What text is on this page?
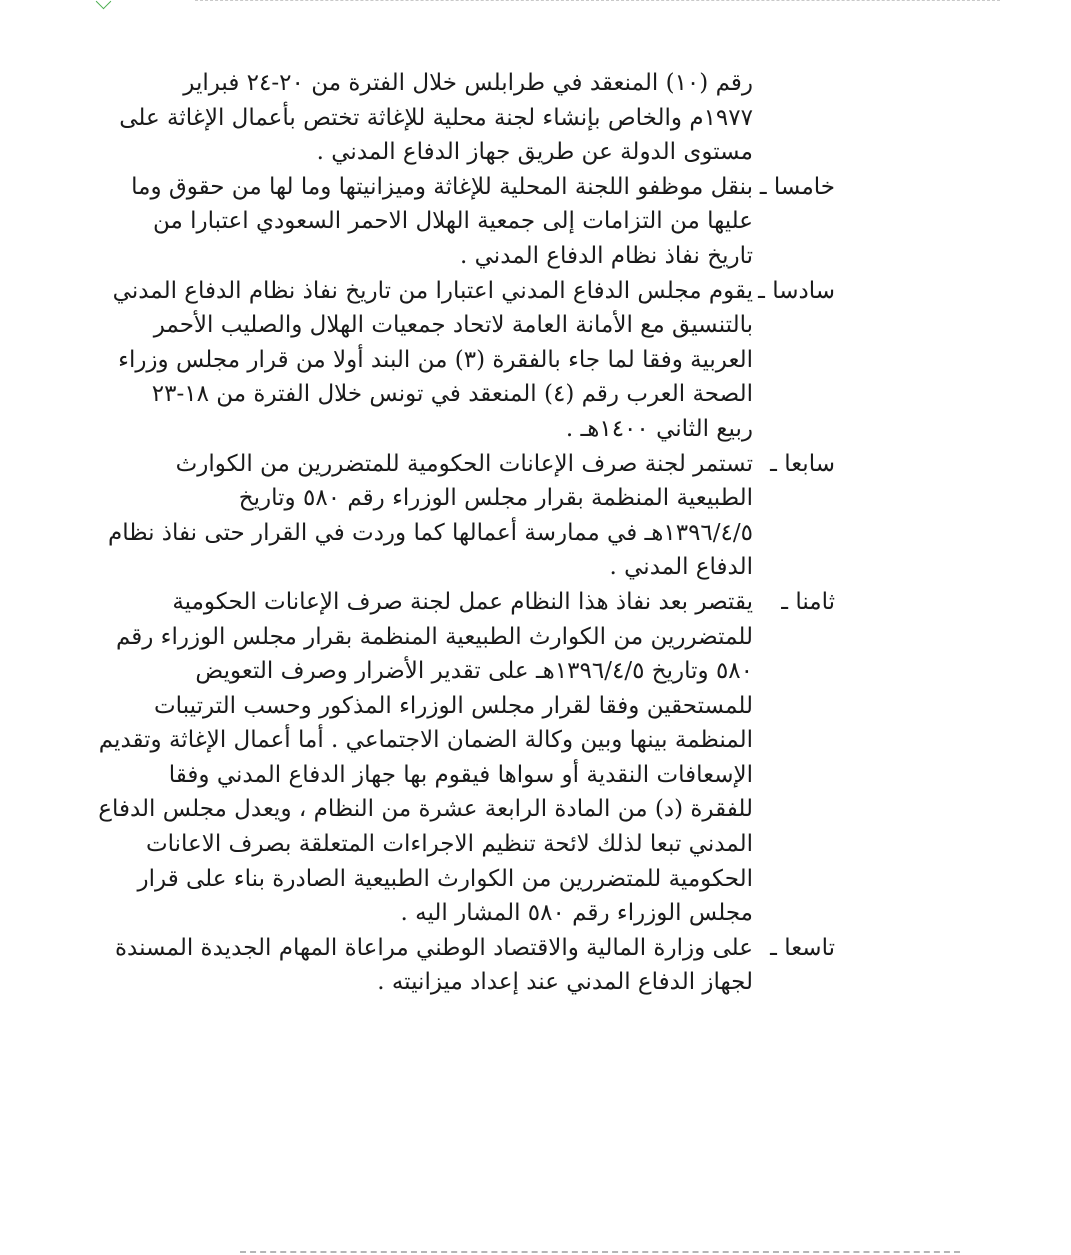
رقم (١٠) المنعقد في طرابلس خلال الفترة من ٢٠-٢٤ فبراير
١٩٧٧م والخاص بإنشاء لجنة محلية للإغاثة تختص بأعمال الإغاثة على
مستوى الدولة عن طريق جهاز الدفاع المدني .
خامسا ـ
بنقل موظفو اللجنة المحلية للإغاثة وميزانيتها وما لها من حقوق وما
عليها من التزامات إلى جمعية الهلال الاحمر السعودي اعتبارا من
تاريخ نفاذ نظام الدفاع المدني .
سادسا ـ
يقوم مجلس الدفاع المدني اعتبارا من تاريخ نفاذ نظام الدفاع المدني
بالتنسيق مع الأمانة العامة لاتحاد جمعيات الهلال والصليب الأحمر
العربية وفقا لما جاء بالفقرة (٣) من البند أولا من قرار مجلس وزراء
الصحة العرب رقم (٤) المنعقد في تونس خلال الفترة من ١٨-٢٣
ربيع الثاني ١٤٠٠هـ .
سابعا ـ
تستمر لجنة صرف الإعانات الحكومية للمتضررين من الكوارث
الطبيعية المنظمة بقرار مجلس الوزراء رقم ٥٨٠ وتاريخ
١٣٩٦/٤/٥هـ في ممارسة أعمالها كما وردت في القرار حتى نفاذ نظام
الدفاع المدني .
ثامنا ـ
يقتصر بعد نفاذ هذا النظام عمل لجنة صرف الإعانات الحكومية
للمتضررين من الكوارث الطبيعية المنظمة بقرار مجلس الوزراء رقم
٥٨٠ وتاريخ ١٣٩٦/٤/٥هـ على تقدير الأضرار وصرف التعويض
للمستحقين وفقا لقرار مجلس الوزراء المذكور وحسب الترتيبات
المنظمة بينها وبين وكالة الضمان الاجتماعي . أما أعمال الإغاثة وتقديم
الإسعافات النقدية أو سواها فيقوم بها جهاز الدفاع المدني وفقا
للفقرة (د) من المادة الرابعة عشرة من النظام ، ويعدل مجلس الدفاع
المدني تبعا لذلك لائحة تنظيم الاجراءات المتعلقة بصرف الاعانات
الحكومية للمتضررين من الكوارث الطبيعية الصادرة بناء على قرار
مجلس الوزراء رقم ٥٨٠ المشار اليه .
تاسعا ـ
على وزارة المالية والاقتصاد الوطني مراعاة المهام الجديدة المسندة
لجهاز الدفاع المدني عند إعداد ميزانيته .
